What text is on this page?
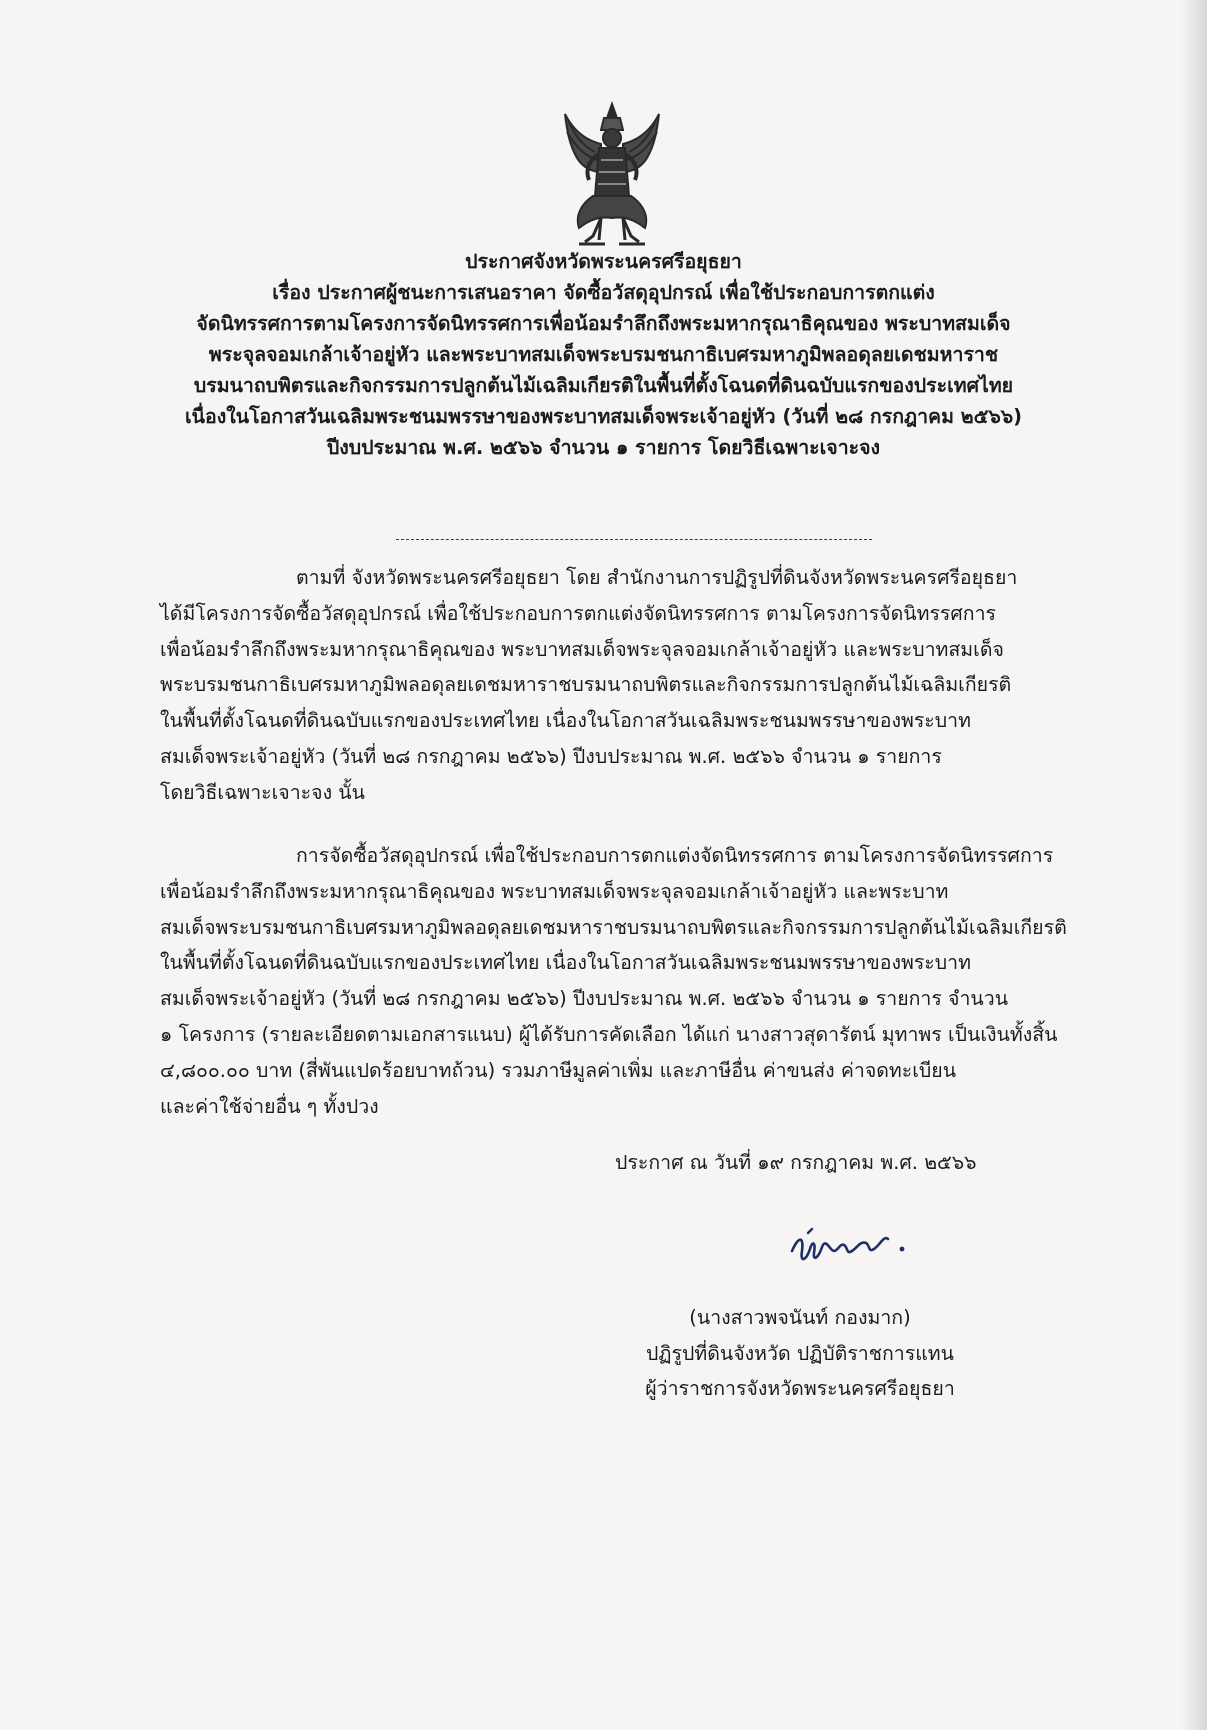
ประกาศจังหวัดพระนครศรีอยุธยา
เรื่อง ประกาศผู้ชนะการเสนอราคา จัดซื้อวัสดุอุปกรณ์ เพื่อใช้ประกอบการตกแต่ง
จัดนิทรรศการตามโครงการจัดนิทรรศการเพื่อน้อมรำลึกถึงพระมหากรุณาธิคุณของ พระบาทสมเด็จ
พระจุลจอมเกล้าเจ้าอยู่หัว และพระบาทสมเด็จพระบรมชนกาธิเบศรมหาภูมิพลอดุลยเดชมหาราช
บรมนาถบพิตรและกิจกรรมการปลูกต้นไม้เฉลิมเกียรติในพื้นที่ตั้งโฉนดที่ดินฉบับแรกของประเทศไทย
เนื่องในโอกาสวันเฉลิมพระชนมพรรษาของพระบาทสมเด็จพระเจ้าอยู่หัว (วันที่ ๒๘ กรกฎาคม ๒๕๖๖)
ปีงบประมาณ พ.ศ. ๒๕๖๖ จำนวน ๑ รายการ โดยวิธีเฉพาะเจาะจง
ตามที่ จังหวัดพระนครศรีอยุธยา โดย สำนักงานการปฏิรูปที่ดินจังหวัดพระนครศรีอยุธยา
ได้มีโครงการจัดซื้อวัสดุอุปกรณ์ เพื่อใช้ประกอบการตกแต่งจัดนิทรรศการ ตามโครงการจัดนิทรรศการ
เพื่อน้อมรำลึกถึงพระมหากรุณาธิคุณของ พระบาทสมเด็จพระจุลจอมเกล้าเจ้าอยู่หัว และพระบาทสมเด็จ
พระบรมชนกาธิเบศรมหาภูมิพลอดุลยเดชมหาราชบรมนาถบพิตรและกิจกรรมการปลูกต้นไม้เฉลิมเกียรติ
ในพื้นที่ตั้งโฉนดที่ดินฉบับแรกของประเทศไทย เนื่องในโอกาสวันเฉลิมพระชนมพรรษาของพระบาท
สมเด็จพระเจ้าอยู่หัว (วันที่ ๒๘ กรกฎาคม ๒๕๖๖) ปีงบประมาณ พ.ศ. ๒๕๖๖ จำนวน ๑ รายการ
โดยวิธีเฉพาะเจาะจง นั้น
การจัดซื้อวัสดุอุปกรณ์ เพื่อใช้ประกอบการตกแต่งจัดนิทรรศการ ตามโครงการจัดนิทรรศการ
เพื่อน้อมรำลึกถึงพระมหากรุณาธิคุณของ พระบาทสมเด็จพระจุลจอมเกล้าเจ้าอยู่หัว และพระบาท
สมเด็จพระบรมชนกาธิเบศรมหาภูมิพลอดุลยเดชมหาราชบรมนาถบพิตรและกิจกรรมการปลูกต้นไม้เฉลิมเกียรติ
ในพื้นที่ตั้งโฉนดที่ดินฉบับแรกของประเทศไทย เนื่องในโอกาสวันเฉลิมพระชนมพรรษาของพระบาท
สมเด็จพระเจ้าอยู่หัว (วันที่ ๒๘ กรกฎาคม ๒๕๖๖) ปีงบประมาณ พ.ศ. ๒๕๖๖ จำนวน ๑ รายการ จำนวน
๑ โครงการ (รายละเอียดตามเอกสารแนบ) ผู้ได้รับการคัดเลือก ได้แก่ นางสาวสุดารัตน์ มุทาพร เป็นเงินทั้งสิ้น
๔,๘๐๐.๐๐ บาท (สี่พันแปดร้อยบาทถ้วน) รวมภาษีมูลค่าเพิ่ม และภาษีอื่น ค่าขนส่ง ค่าจดทะเบียน
และค่าใช้จ่ายอื่น ๆ ทั้งปวง
ประกาศ ณ วันที่ ๑๙ กรกฎาคม พ.ศ. ๒๕๖๖
(นางสาวพจนันท์ กองมาก)
ปฏิรูปที่ดินจังหวัด ปฏิบัติราชการแทน
ผู้ว่าราชการจังหวัดพระนครศรีอยุธยา
